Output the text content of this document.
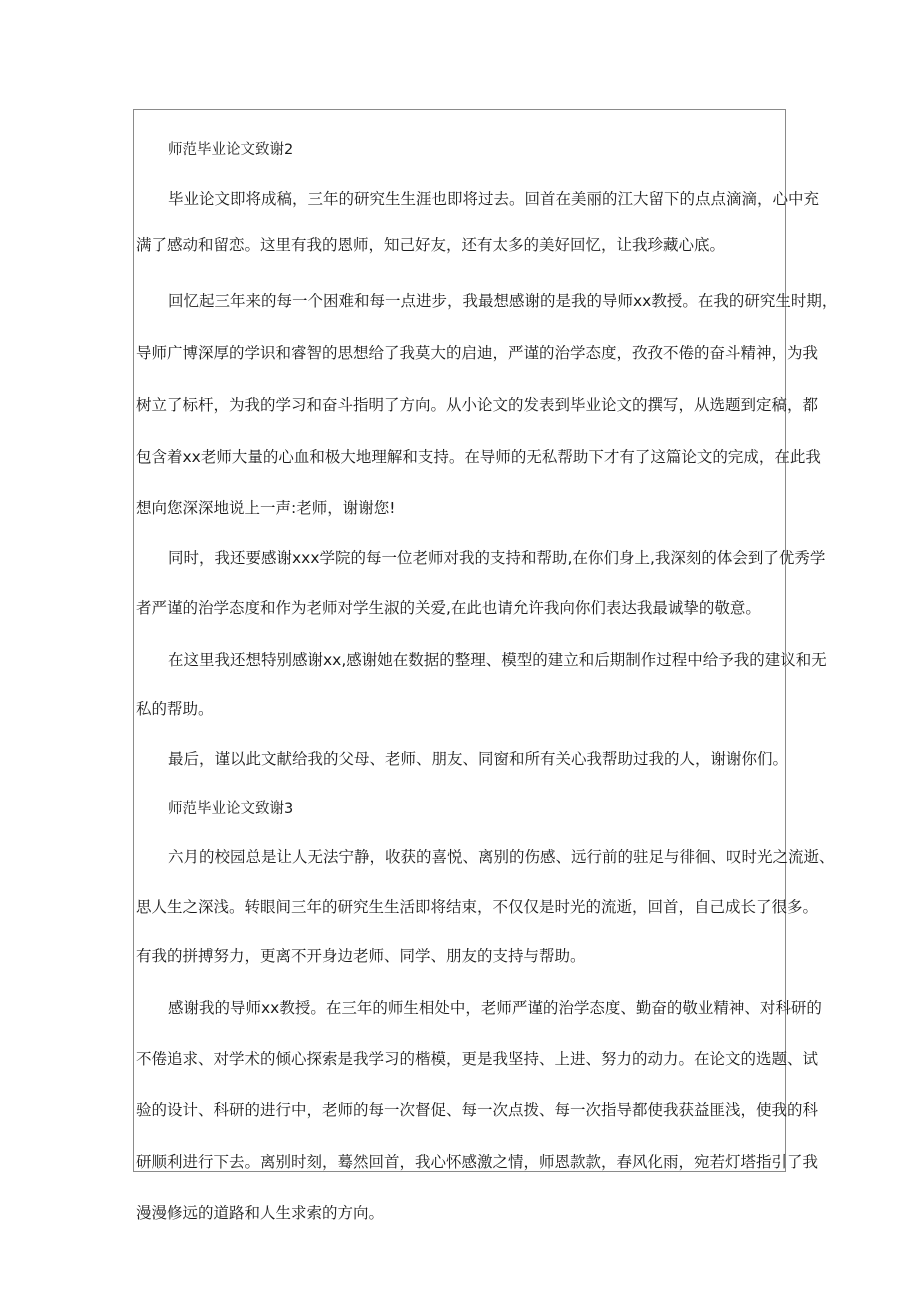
师范毕业论文致谢2
毕业论文即将成稿，三年的研究生生涯也即将过去。回首在美丽的江大留下的点点滴滴，心中充
满了感动和留恋。这里有我的恩师，知己好友，还有太多的美好回忆，让我珍藏心底。
回忆起三年来的每一个困难和每一点进步，我最想感谢的是我的导师xx教授。在我的研究生时期，
导师广博深厚的学识和睿智的思想给了我莫大的启迪，严谨的治学态度，孜孜不倦的奋斗精神，为我
树立了标杆，为我的学习和奋斗指明了方向。从小论文的发表到毕业论文的撰写，从选题到定稿，都
包含着xx老师大量的心血和极大地理解和支持。在导师的无私帮助下才有了这篇论文的完成，在此我
想向您深深地说上一声:老师，谢谢您!
同时，我还要感谢xxx学院的每一位老师对我的支持和帮助,在你们身上,我深刻的体会到了优秀学
者严谨的治学态度和作为老师对学生淑的关爱,在此也请允许我向你们表达我最诚挚的敬意。
在这里我还想特别感谢xx,感谢她在数据的整理、模型的建立和后期制作过程中给予我的建议和无
私的帮助。
最后，谨以此文献给我的父母、老师、朋友、同窗和所有关心我帮助过我的人，谢谢你们。
师范毕业论文致谢3
六月的校园总是让人无法宁静，收获的喜悦、离别的伤感、远行前的驻足与徘徊、叹时光之流逝、
思人生之深浅。转眼间三年的研究生生活即将结束，不仅仅是时光的流逝，回首，自己成长了很多。
有我的拼搏努力，更离不开身边老师、同学、朋友的支持与帮助。
感谢我的导师xx教授。在三年的师生相处中，老师严谨的治学态度、勤奋的敬业精神、对科研的
不倦追求、对学术的倾心探索是我学习的楷模，更是我坚持、上进、努力的动力。在论文的选题、试
验的设计、科研的进行中，老师的每一次督促、每一次点拨、每一次指导都使我获益匪浅，使我的科
研顺利进行下去。离别时刻，蓦然回首，我心怀感激之情，师恩款款，春风化雨，宛若灯塔指引了我
漫漫修远的道路和人生求索的方向。
